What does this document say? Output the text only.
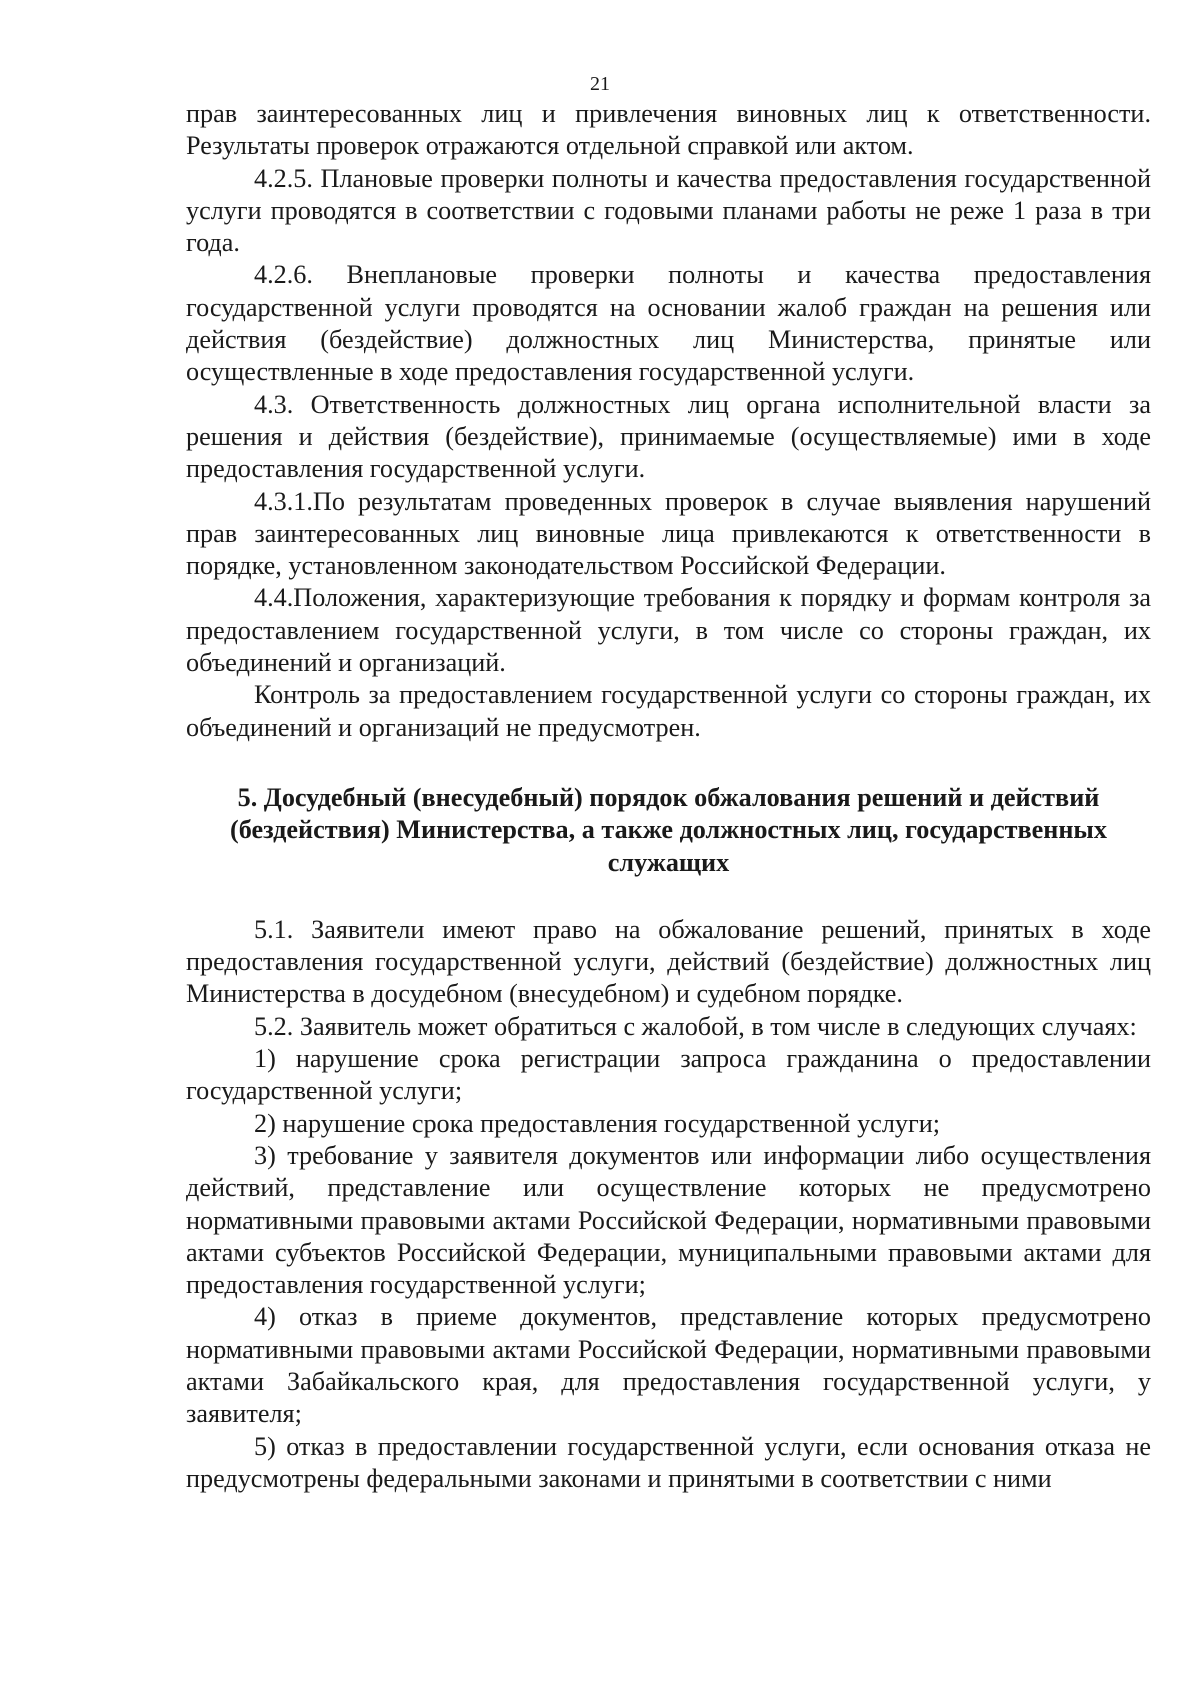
21

прав заинтересованных лиц и привлечения виновных лиц к ответственности. Результаты проверок отражаются отдельной справкой или актом.

4.2.5. Плановые проверки полноты и качества предоставления государственной услуги проводятся в соответствии с годовыми планами работы не реже 1 раза в три года.

4.2.6. Внеплановые проверки полноты и качества предоставления государственной услуги проводятся на основании жалоб граждан на решения или действия (бездействие) должностных лиц Министерства, принятые или осуществленные в ходе предоставления государственной услуги.

4.3. Ответственность должностных лиц органа исполнительной власти за решения и действия (бездействие), принимаемые (осуществляемые) ими в ходе предоставления государственной услуги.

4.3.1.По результатам проведенных проверок в случае выявления нарушений прав заинтересованных лиц виновные лица привлекаются к ответственности в порядке, установленном законодательством Российской Федерации.

4.4.Положения, характеризующие требования к порядку и формам контроля за предоставлением государственной услуги, в том числе со стороны граждан, их объединений и организаций.

Контроль за предоставлением государственной услуги со стороны граждан, их объединений и организаций не предусмотрен.

5. Досудебный (внесудебный) порядок обжалования решений и действий
(бездействия) Министерства, а также должностных лиц, государственных
служащих

5.1. Заявители имеют право на обжалование решений, принятых в ходе предоставления государственной услуги, действий (бездействие) должностных лиц Министерства в досудебном (внесудебном) и судебном порядке.

5.2. Заявитель может обратиться с жалобой, в том числе в следующих случаях:

1) нарушение срока регистрации запроса гражданина о предоставлении государственной услуги;

2) нарушение срока предоставления государственной услуги;

3) требование у заявителя документов или информации либо осуществления действий, представление или осуществление которых не предусмотрено нормативными правовыми актами Российской Федерации, нормативными правовыми актами субъектов Российской Федерации, муниципальными правовыми актами для предоставления государственной услуги;

4) отказ в приеме документов, представление которых предусмотрено нормативными правовыми актами Российской Федерации, нормативными правовыми актами Забайкальского края, для предоставления государственной услуги, у заявителя;

5) отказ в предоставлении государственной услуги, если основания отказа не предусмотрены федеральными законами и принятыми в соответствии с ними
